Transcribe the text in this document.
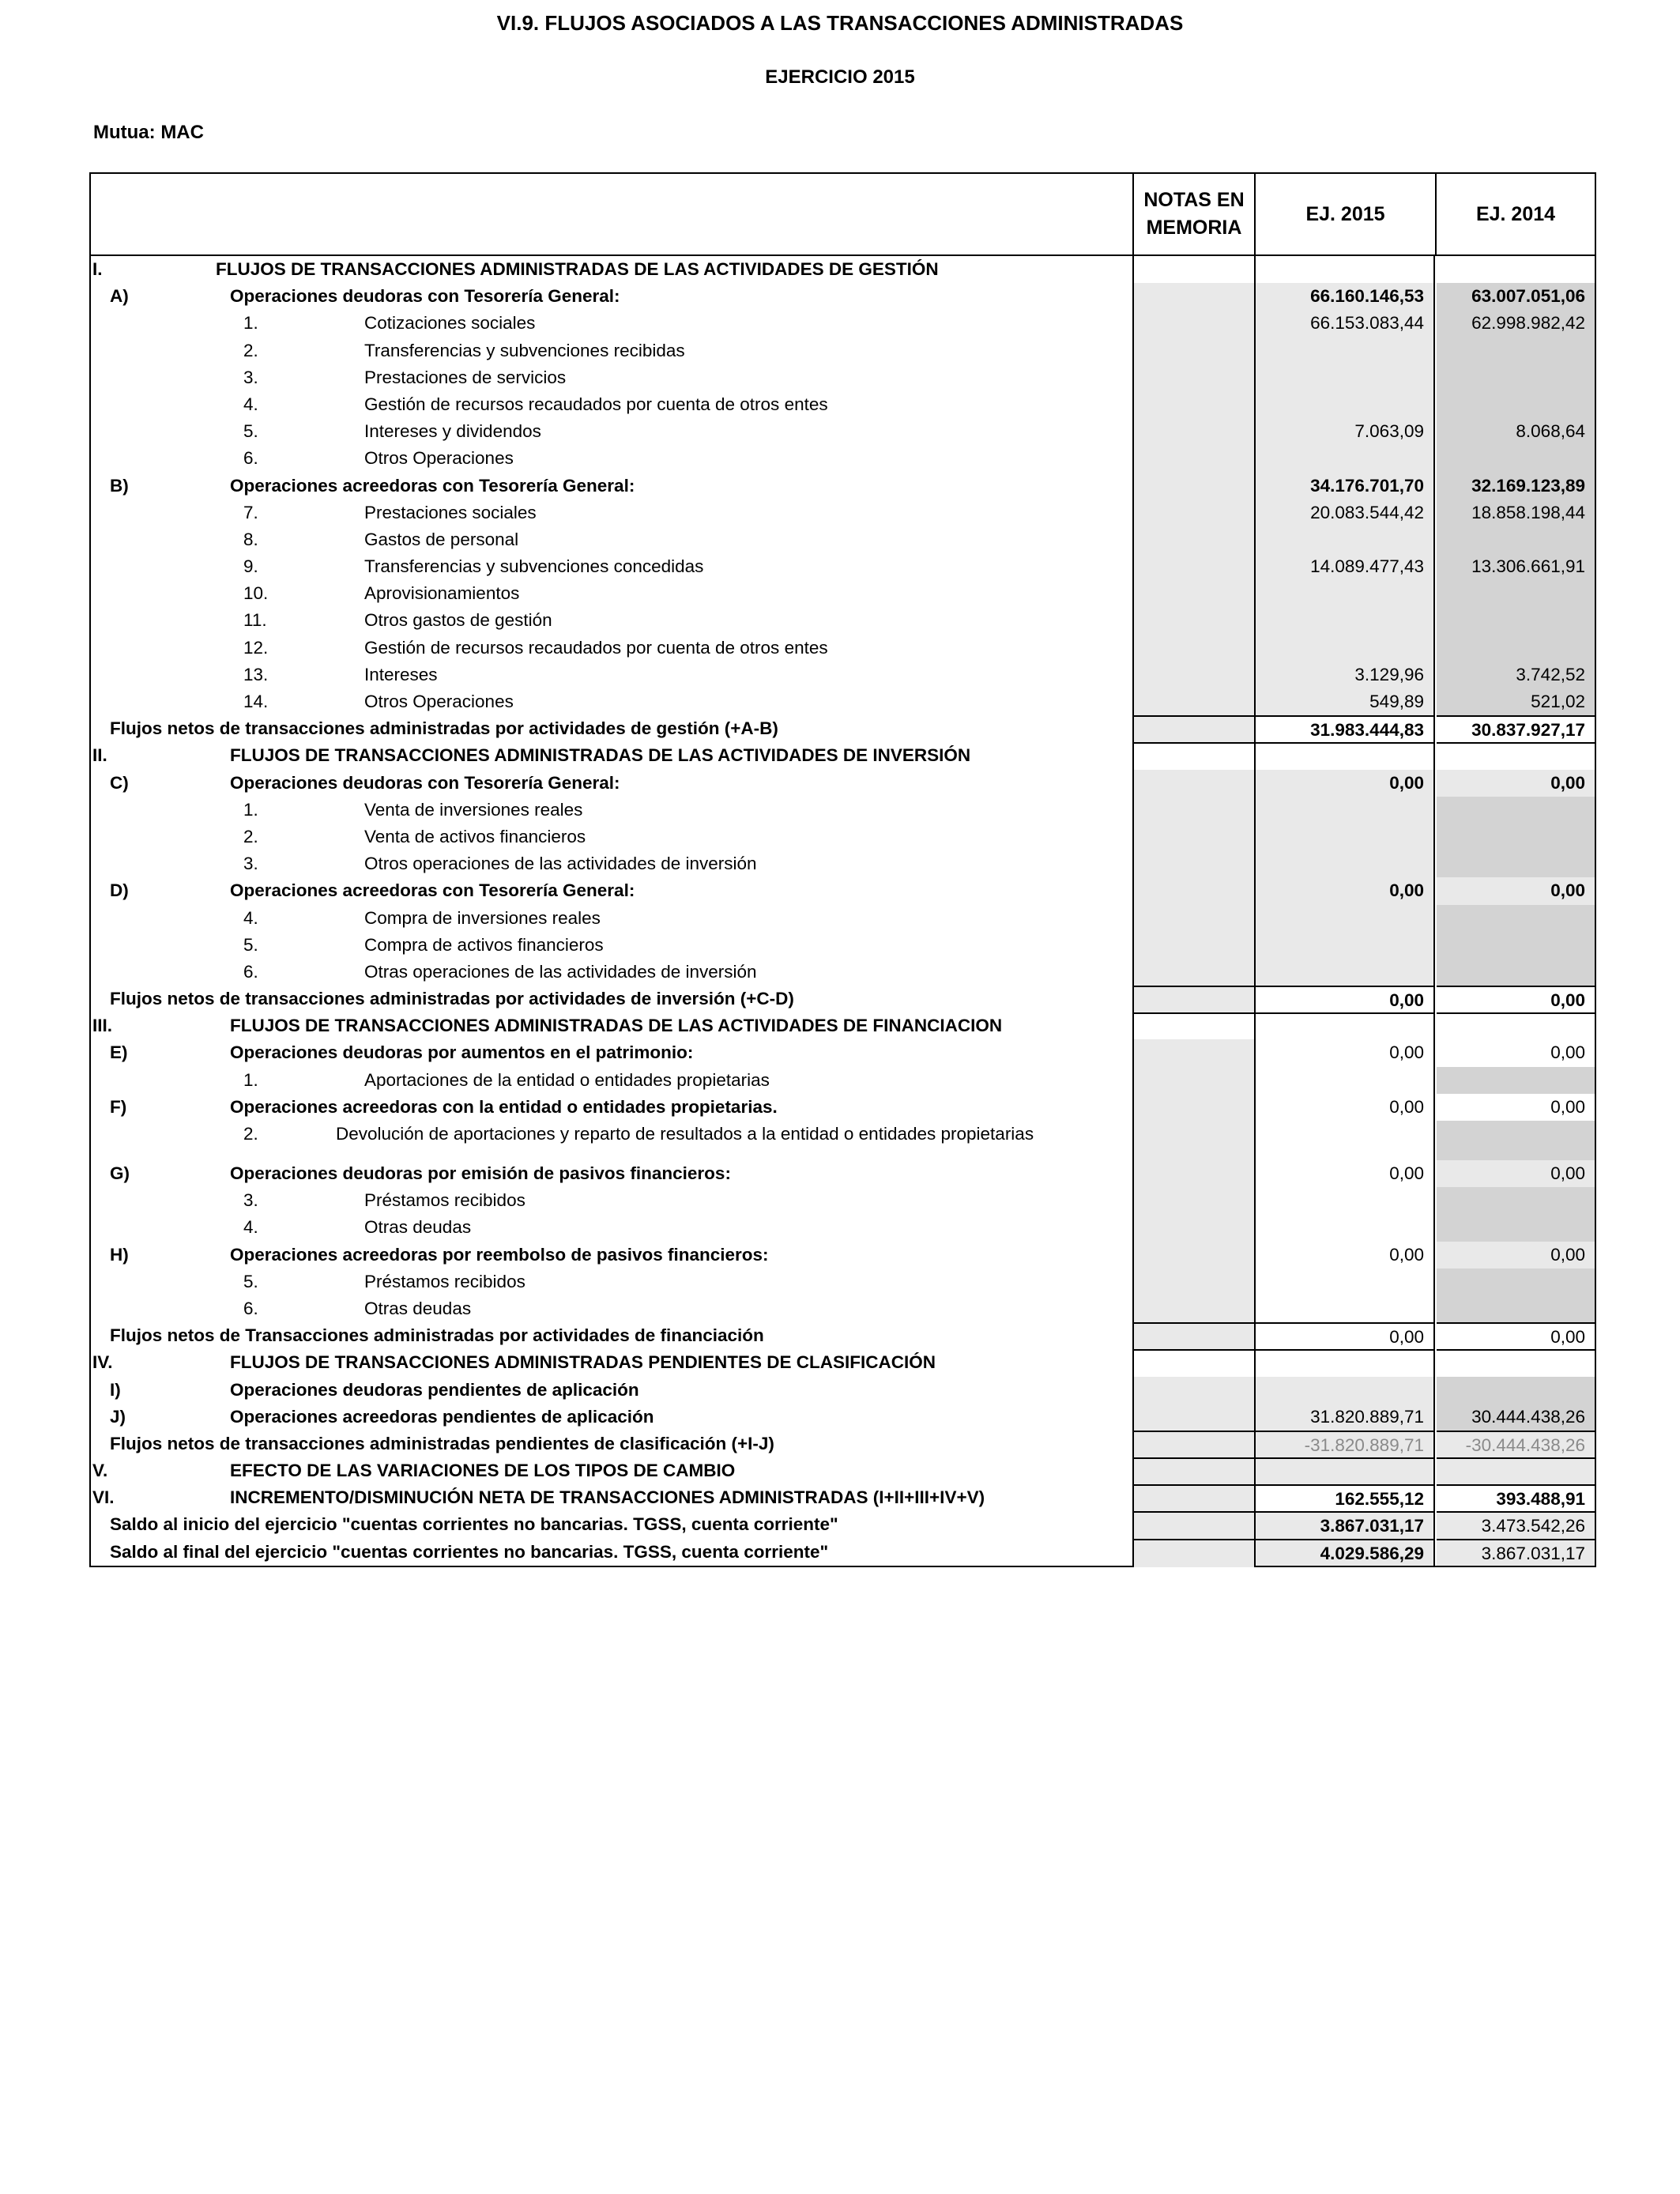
VI.9. FLUJOS ASOCIADOS A LAS TRANSACCIONES ADMINISTRADAS
EJERCICIO 2015
Mutua: MAC
NOTAS EN MEMORIA
EJ. 2015	EJ. 2014
I.	FLUJOS DE TRANSACCIONES ADMINISTRADAS DE LAS ACTIVIDADES DE GESTIÓN
A)	Operaciones deudoras con Tesorería General:	66.160.146,53	63.007.051,06
1.	Cotizaciones sociales	66.153.083,44	62.998.982,42
2.	Transferencias y subvenciones recibidas
3.	Prestaciones de servicios
4.	Gestión de recursos recaudados por cuenta de otros entes
5.	Intereses y dividendos	7.063,09	8.068,64
6.	Otros Operaciones
B)	Operaciones acreedoras con Tesorería General:	34.176.701,70	32.169.123,89
7.	Prestaciones sociales	20.083.544,42	18.858.198,44
8.	Gastos de personal
9.	Transferencias y subvenciones concedidas	14.089.477,43	13.306.661,91
10.	Aprovisionamientos
11.	Otros gastos de gestión
12.	Gestión de recursos recaudados por cuenta de otros entes
13.	Intereses	3.129,96	3.742,52
14.	Otros Operaciones	549,89	521,02
Flujos netos de transacciones administradas por actividades de gestión (+A-B)	31.983.444,83	30.837.927,17
II.	FLUJOS DE TRANSACCIONES ADMINISTRADAS DE LAS ACTIVIDADES DE INVERSIÓN
C)	Operaciones deudoras con Tesorería General:	0,00	0,00
1.	Venta de inversiones reales
2.	Venta de activos financieros
3.	Otros operaciones de las actividades de inversión
D)	Operaciones acreedoras con Tesorería General:	0,00	0,00
4.	Compra de inversiones reales
5.	Compra de activos financieros
6.	Otras operaciones de las actividades de inversión
Flujos netos de transacciones administradas por actividades de inversión (+C-D)	0,00	0,00
III.	FLUJOS DE TRANSACCIONES ADMINISTRADAS DE LAS ACTIVIDADES DE FINANCIACION
E)	Operaciones deudoras por aumentos en el patrimonio:	0,00	0,00
1.	Aportaciones de la entidad o entidades propietarias
F)	Operaciones acreedoras con la entidad o entidades propietarias.	0,00	0,00
2.	Devolución de aportaciones y reparto de resultados a la entidad o entidades propietarias
G)	Operaciones deudoras por emisión de pasivos financieros:	0,00	0,00
3.	Préstamos recibidos
4.	Otras deudas
H)	Operaciones acreedoras por reembolso de pasivos financieros:	0,00	0,00
5.	Préstamos recibidos
6.	Otras deudas
Flujos netos de Transacciones administradas por actividades de financiación	0,00	0,00
IV.	FLUJOS DE TRANSACCIONES ADMINISTRADAS PENDIENTES DE CLASIFICACIÓN
I)	Operaciones deudoras pendientes de aplicación
J)	Operaciones acreedoras pendientes de aplicación	31.820.889,71	30.444.438,26
Flujos netos de transacciones administradas pendientes de clasificación (+I-J)	-31.820.889,71	-30.444.438,26
V.	EFECTO DE LAS VARIACIONES DE LOS TIPOS DE CAMBIO
VI.	INCREMENTO/DISMINUCIÓN NETA DE TRANSACCIONES ADMINISTRADAS (I+II+III+IV+V)	162.555,12	393.488,91
Saldo al inicio del ejercicio "cuentas corrientes no bancarias. TGSS, cuenta corriente"	3.867.031,17	3.473.542,26
Saldo al final del ejercicio "cuentas corrientes no bancarias. TGSS, cuenta corriente"	4.029.586,29	3.867.031,17
